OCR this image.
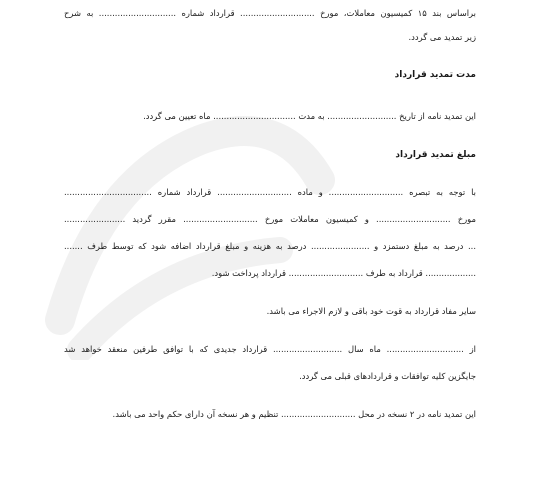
براساس بند ۱۵ کمیسیون معاملات، مورخ ............................ قرارداد شماره ............................. به شرح
زیر تمدید می گردد.
مدت تمدید قرارداد
این تمدید نامه از تاریخ .......................... به مدت ............................... ماه تعیین می گردد.
مبلغ تمدید قرارداد
با توجه به تبصره ............................ و ماده ............................ قرارداد شماره .................................
مورخ ............................ و کمیسیون معاملات مورخ ............................ مقرر گردید .......................
... درصد به مبلغ دستمزد و ...................... درصد به هزینه و مبلغ قرارداد اضافه شود که توسط طرف .......
................... قرارداد به طرف ............................ قرارداد پرداخت شود.
سایر مفاد قرارداد به قوت خود باقی و لازم الاجراء می باشد.
از ............................. ماه سال .......................... قرارداد جدیدی که با توافق طرفین منعقد خواهد شد
جایگزین کلیه توافقات و قراردادهای قبلی می گردد.
این تمدید نامه در ۲ نسخه در محل ............................ تنظیم و هر نسخه آن دارای حکم واحد می باشد.
